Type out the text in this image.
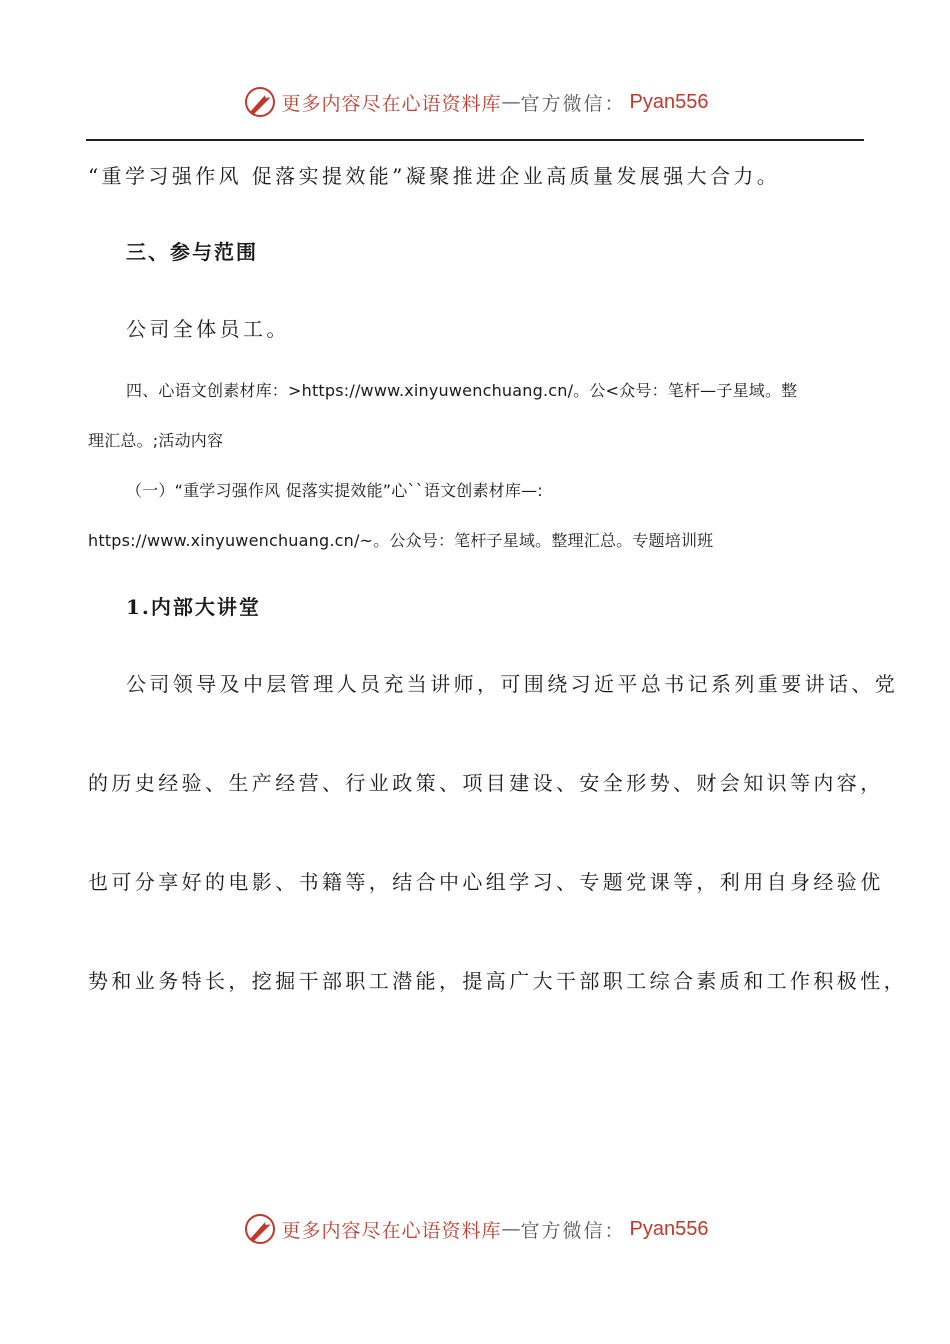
更多内容尽在心语资料库 — 官方微信： Pyan556
“重学习强作风 促落实提效能”凝聚推进企业高质量发展强大合力。
三、参与范围
公司全体员工。
四、心语文创素材库：>https://www.xinyuwenchuang.cn/。公<众号：笔杆—子星域。整
理汇总。;活动内容
（一）“重学习强作风 促落实提效能”心``语文创素材库—:
https://www.xinyuwenchuang.cn/~。公众号：笔杆子星域。整理汇总。专题培训班
1.内部大讲堂
公司领导及中层管理人员充当讲师，可围绕习近平总书记系列重要讲话、党
的历史经验、生产经营、行业政策、项目建设、安全形势、财会知识等内容，
也可分享好的电影、书籍等，结合中心组学习、专题党课等，利用自身经验优
势和业务特长，挖掘干部职工潜能，提高广大干部职工综合素质和工作积极性，
更多内容尽在心语资料库 — 官方微信： Pyan556
